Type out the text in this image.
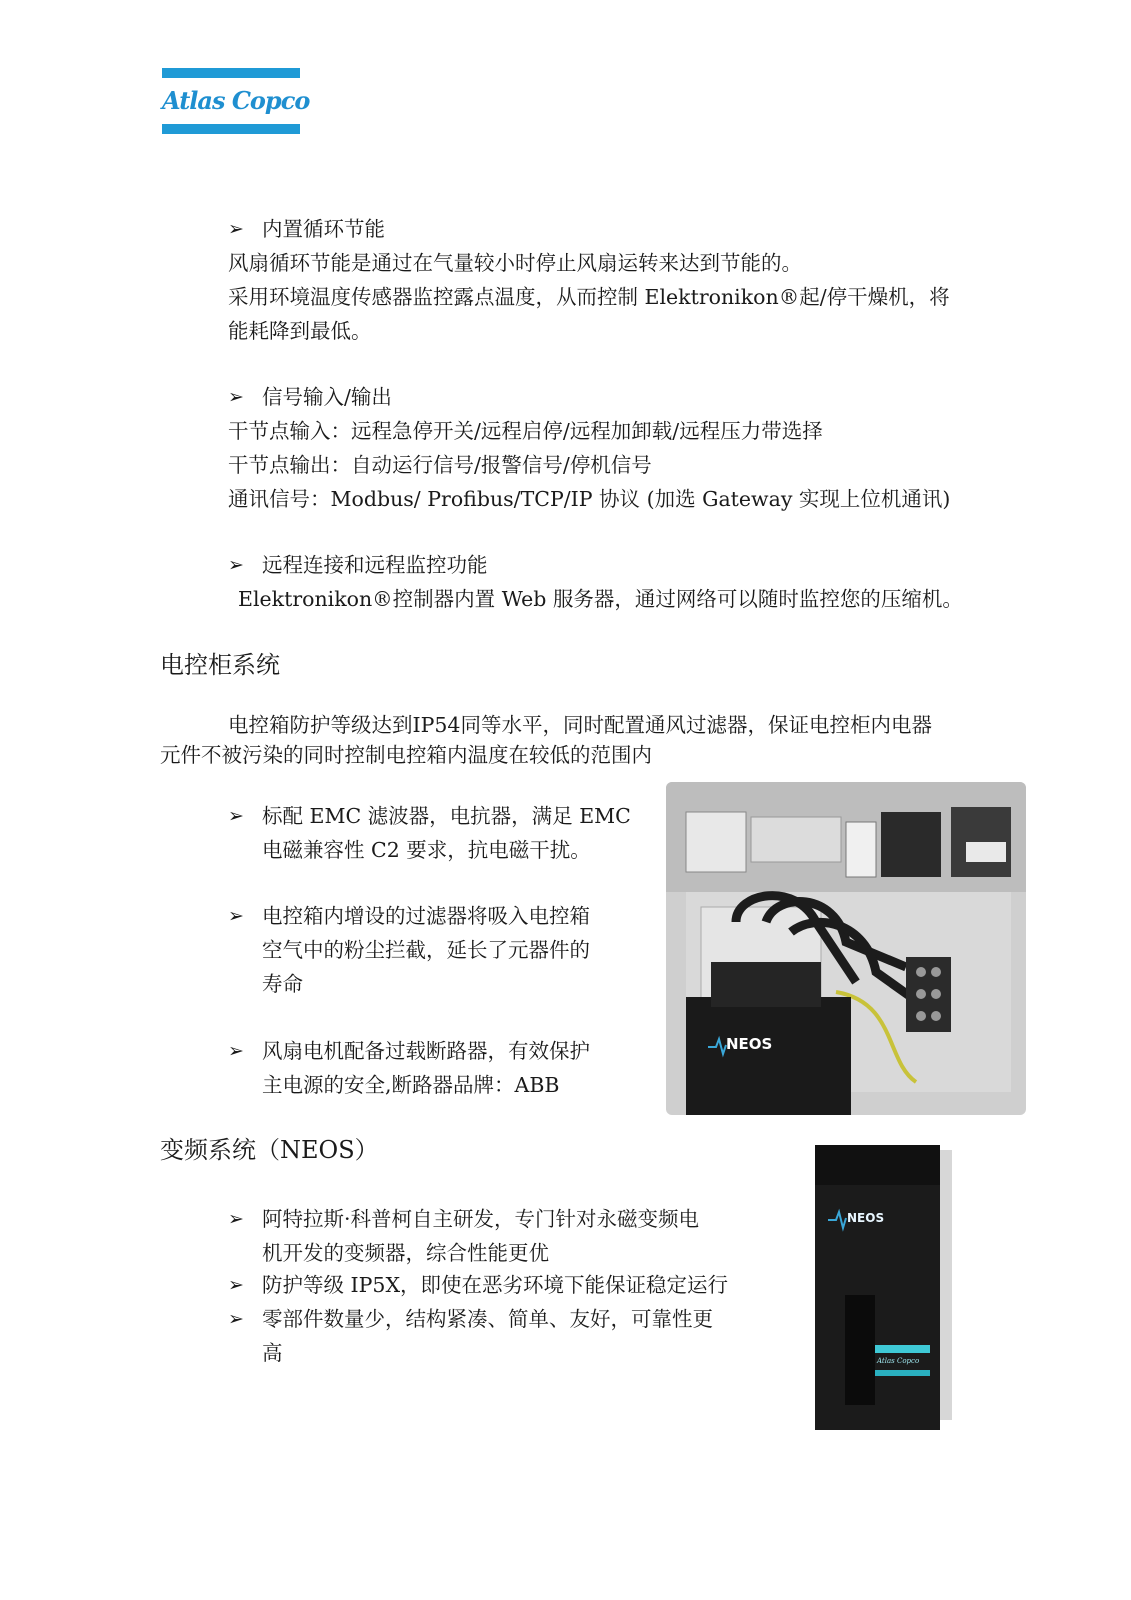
Atlas Copco
➢ 内置循环节能
风扇循环节能是通过在气量较小时停止风扇运转来达到节能的。
采用环境温度传感器监控露点温度，从而控制 Elektronikon®起/停干燥机，将
能耗降到最低。
➢ 信号输入/输出
干节点输入：远程急停开关/远程启停/远程加卸载/远程压力带选择
干节点输出：自动运行信号/报警信号/停机信号
通讯信号：Modbus/ Profibus/TCP/IP 协议 (加选 Gateway 实现上位机通讯)
➢ 远程连接和远程监控功能
Elektronikon®控制器内置 Web 服务器，通过网络可以随时监控您的压缩机。
电控柜系统
电控箱防护等级达到IP54同等水平，同时配置通风过滤器，保证电控柜内电器
元件不被污染的同时控制电控箱内温度在较低的范围内
➢ 标配 EMC 滤波器，电抗器，满足 EMC
电磁兼容性 C2 要求，抗电磁干扰。
➢ 电控箱内增设的过滤器将吸入电控箱
空气中的粉尘拦截，延长了元器件的
寿命
➢ 风扇电机配备过载断路器，有效保护
主电源的安全,断路器品牌：ABB
NEOS
变频系统（NEOS）
➢ 阿特拉斯·科普柯自主研发，专门针对永磁变频电
机开发的变频器，综合性能更优
➢ 防护等级 IP5X，即使在恶劣环境下能保证稳定运行
➢ 零部件数量少，结构紧凑、简单、友好，可靠性更
高
NEOS
Atlas Copco
